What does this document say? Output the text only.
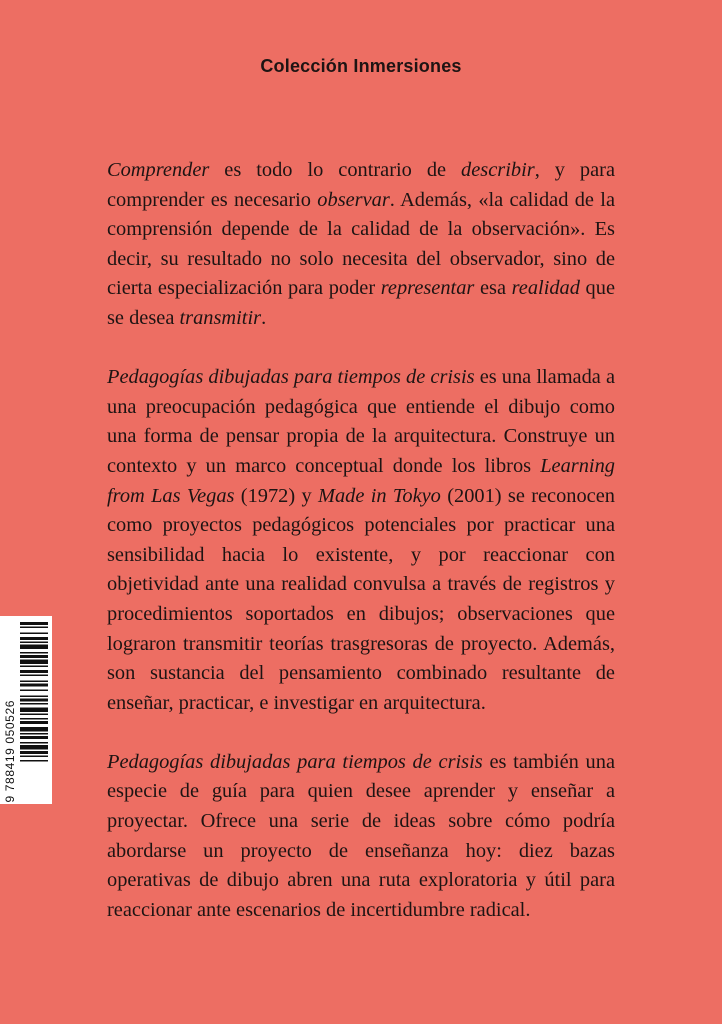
Colección Inmersiones

Comprender es todo lo contrario de describir, y para comprender es necesario observar. Además, «la calidad de la comprensión depende de la calidad de la observación». Es decir, su resultado no solo necesita del observador, sino de cierta especialización para poder representar esa realidad que se desea transmitir.

Pedagogías dibujadas para tiempos de crisis es una llamada a una preocupación pedagógica que entiende el dibujo como una forma de pensar propia de la arquitectura. Construye un contexto y un marco conceptual donde los libros Learning from Las Vegas (1972) y Made in Tokyo (2001) se reconocen como proyectos pedagógicos potenciales por practicar una sensibilidad hacia lo existente, y por reaccionar con objetividad ante una realidad convulsa a través de registros y procedimientos soportados en dibujos; observaciones que lograron transmitir teorías trasgresoras de proyecto. Además, son sustancia del pensamiento combinado resultante de enseñar, practicar, e investigar en arquitectura.

Pedagogías dibujadas para tiempos de crisis es también una especie de guía para quien desee aprender y enseñar a proyectar. Ofrece una serie de ideas sobre cómo podría abordarse un proyecto de enseñanza hoy: diez bazas operativas de dibujo abren una ruta exploratoria y útil para reaccionar ante escenarios de incertidumbre radical.

9 788419 050526
